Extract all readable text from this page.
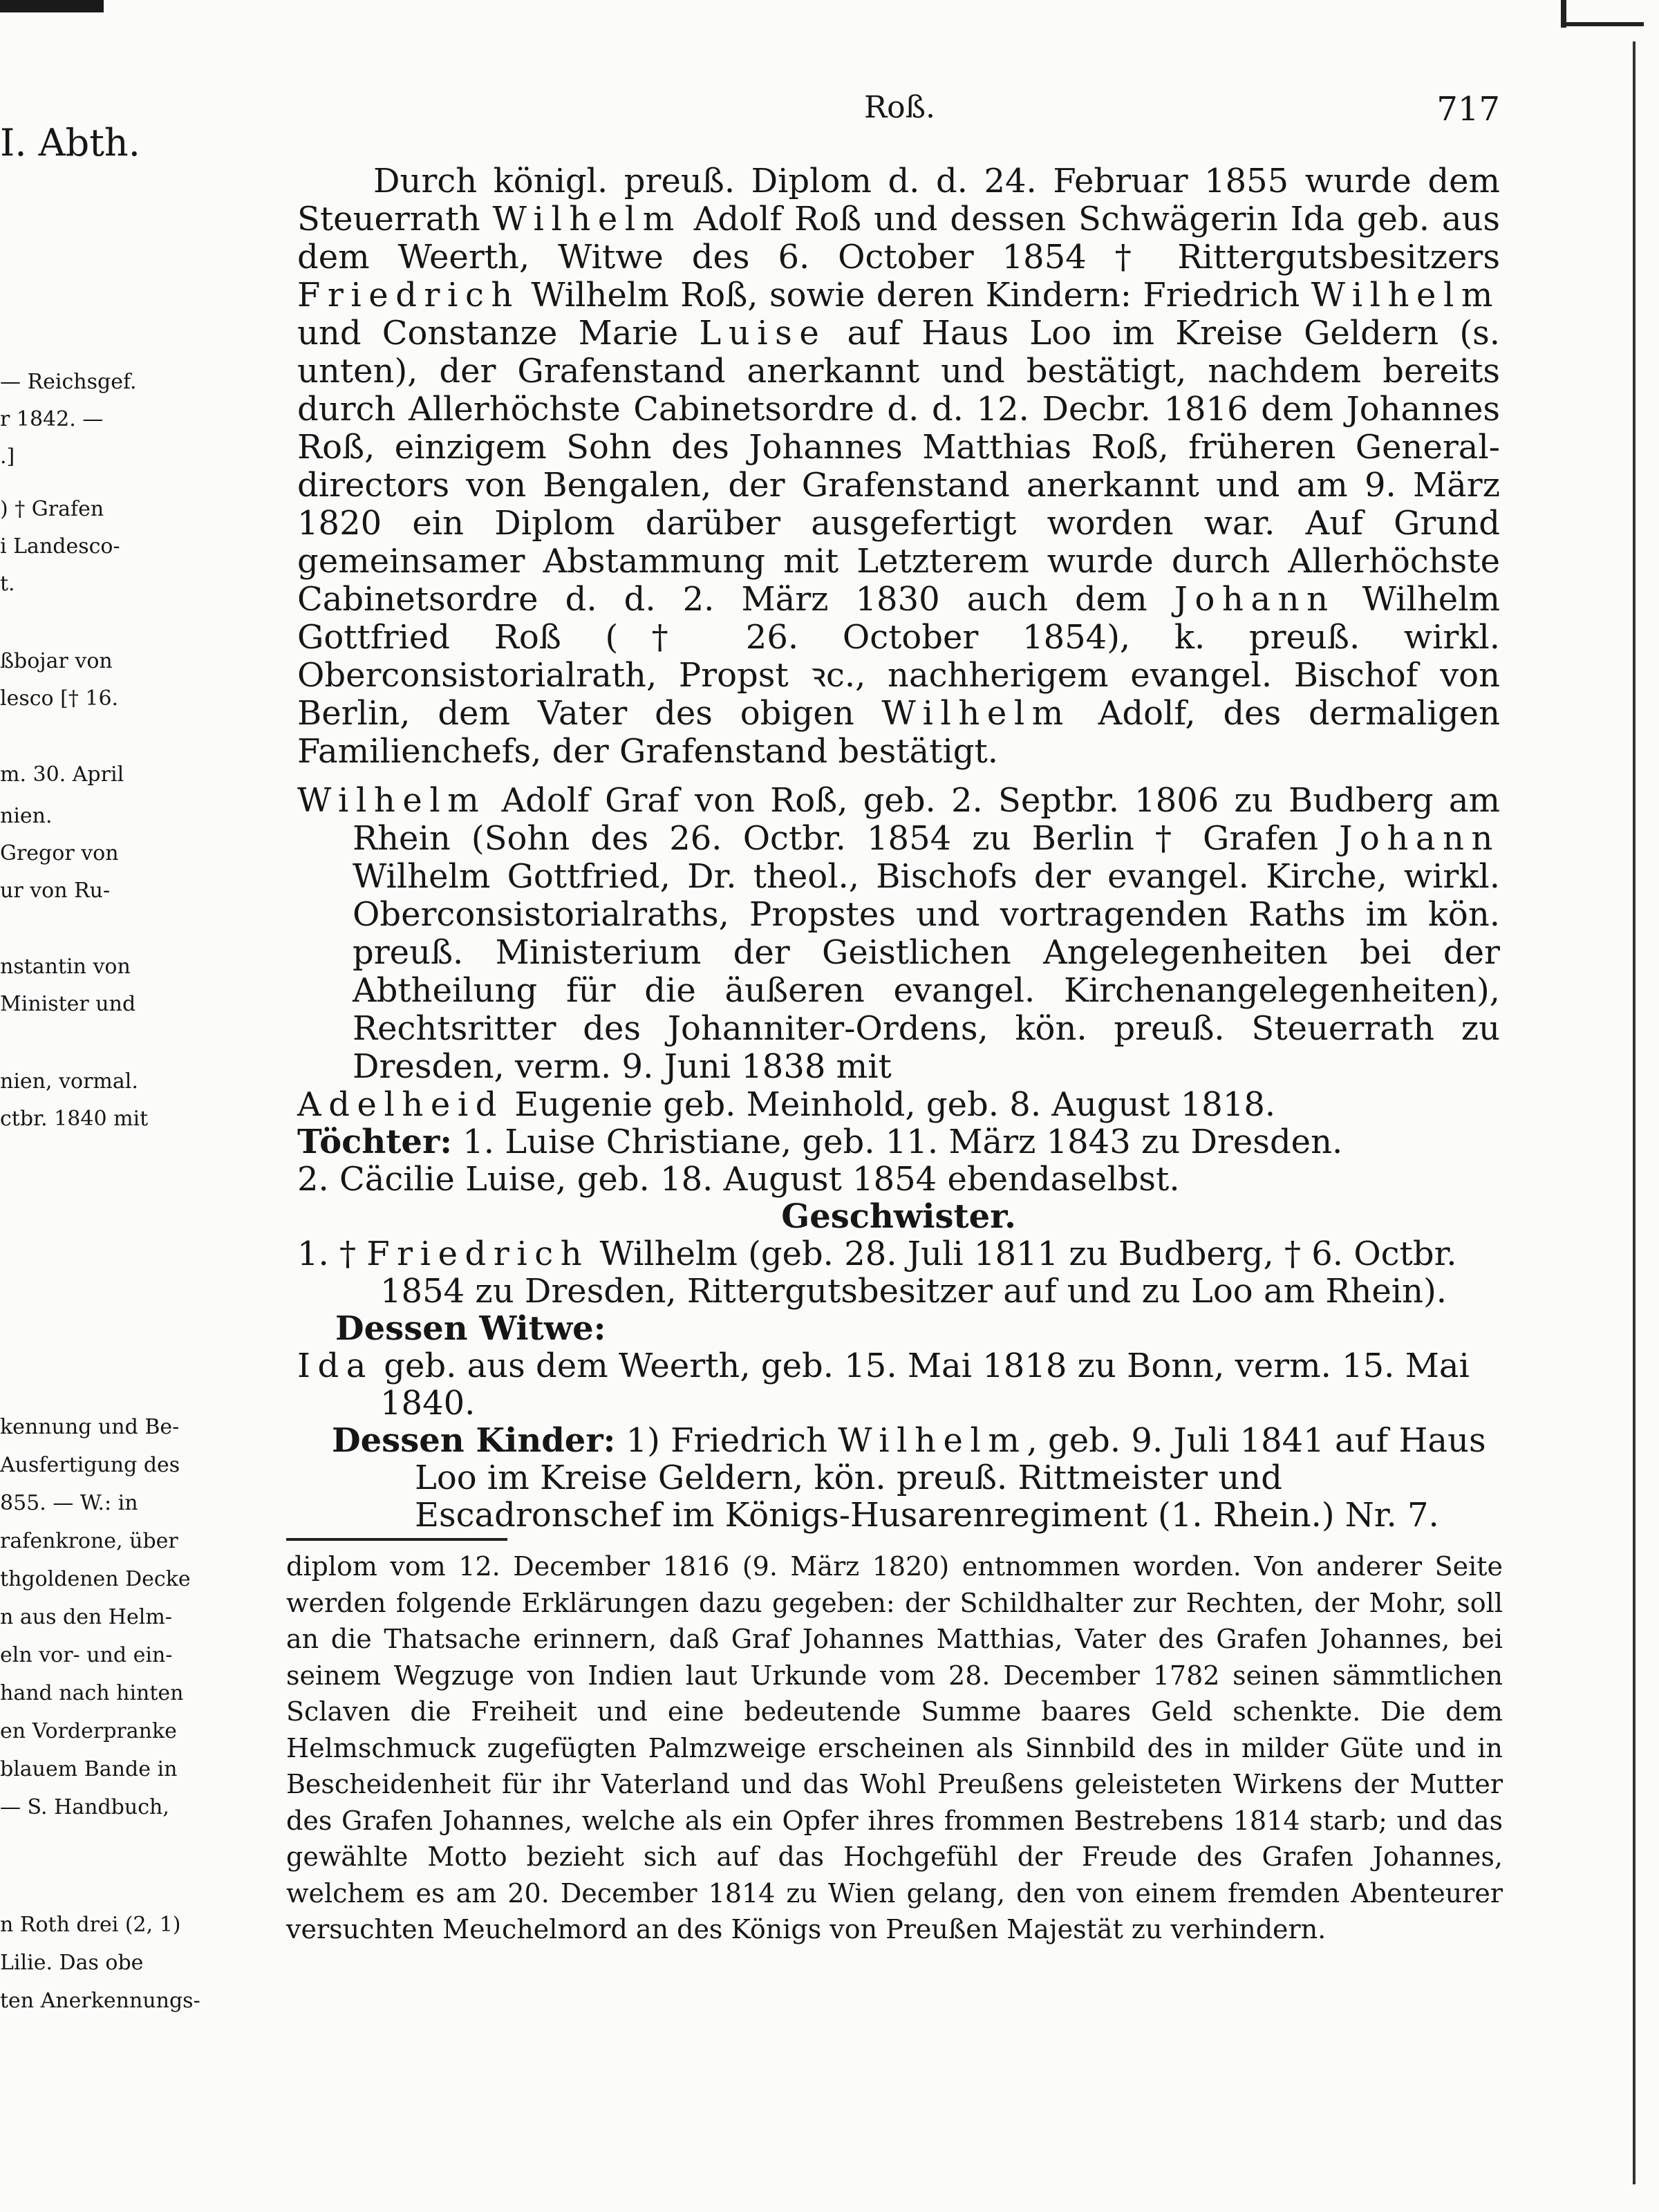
I. Abth.
— Reichsgef.
r 1842. —
.]
) † Grafen
i Landesco-
t.
ßbojar von
lesco [† 16.
m. 30. April
nien.
Gregor von
ur von Ru-
nstantin von
Minister und
nien, vormal.
ctbr. 1840 mit
kennung und Be-
Ausfertigung des
855. — W.: in
rafenkrone, über
thgoldenen Decke
n aus den Helm-
eln vor- und ein-
hand nach hinten
en Vorderpranke
blauem Bande in
— S. Handbuch,
n Roth drei (2, 1)
Lilie. Das obe
ten Anerkennungs-
Roß.	717

Durch königl. preuß. Diplom d. d. 24. Februar 1855 wurde dem Steuerrath Wilhelm Adolf Roß und dessen Schwägerin Ida geb. aus dem Weerth, Witwe des 6. October 1854 † Rittergutsbesitzers Friedrich Wilhelm Roß, sowie deren Kindern: Friedrich Wilhelm und Constanze Marie Luise auf Haus Loo im Kreise Geldern (s. unten), der Grafenstand anerkannt und bestätigt, nachdem bereits durch Allerhöchste Cabinetsordre d. d. 12. Decbr. 1816 dem Johannes Roß, einzigem Sohn des Johannes Matthias Roß, früheren General-directors von Bengalen, der Grafenstand anerkannt und am 9. März 1820 ein Diplom darüber ausgefertigt worden war. Auf Grund gemeinsamer Abstammung mit Letzterem wurde durch Allerhöchste Cabinetsordre d. d. 2. März 1830 auch dem Johann Wilhelm Gottfried Roß († 26. October 1854), k. preuß. wirkl. Oberconsistorialrath, Propst ꝛc., nachherigem evangel. Bischof von Berlin, dem Vater des obigen Wilhelm Adolf, des dermaligen Familienchefs, der Grafenstand bestätigt.

Wilhelm Adolf Graf von Roß, geb. 2. Septbr. 1806 zu Budberg am Rhein (Sohn des 26. Octbr. 1854 zu Berlin † Grafen Johann Wilhelm Gottfried, Dr. theol., Bischofs der evangel. Kirche, wirkl. Oberconsistorialraths, Propstes und vortragenden Raths im kön. preuß. Ministerium der Geistlichen Angelegenheiten bei der Abtheilung für die äußeren evangel. Kirchenangelegenheiten), Rechtsritter des Johanniter-Ordens, kön. preuß. Steuerrath zu Dresden, verm. 9. Juni 1838 mit

Adelheid Eugenie geb. Meinhold, geb. 8. August 1818.

Töchter: 1. Luise Christiane, geb. 11. März 1843 zu Dresden.

2. Cäcilie Luise, geb. 18. August 1854 ebendaselbst.

Geschwister.

1. † Friedrich Wilhelm (geb. 28. Juli 1811 zu Budberg, † 6. Octbr. 1854 zu Dresden, Rittergutsbesitzer auf und zu Loo am Rhein).

Dessen Witwe:

Ida geb. aus dem Weerth, geb. 15. Mai 1818 zu Bonn, verm. 15. Mai 1840.

Dessen Kinder: 1) Friedrich Wilhelm, geb. 9. Juli 1841 auf Haus Loo im Kreise Geldern, kön. preuß. Rittmeister und Escadronschef im Königs-Husarenregiment (1. Rhein.) Nr. 7.

diplom vom 12. December 1816 (9. März 1820) entnommen worden. Von anderer Seite werden folgende Erklärungen dazu gegeben: der Schildhalter zur Rechten, der Mohr, soll an die Thatsache erinnern, daß Graf Johannes Matthias, Vater des Grafen Johannes, bei seinem Wegzuge von Indien laut Urkunde vom 28. December 1782 seinen sämmtlichen Sclaven die Freiheit und eine bedeutende Summe baares Geld schenkte. Die dem Helmschmuck zugefügten Palmzweige erscheinen als Sinnbild des in milder Güte und in Bescheidenheit für ihr Vaterland und das Wohl Preußens geleisteten Wirkens der Mutter des Grafen Johannes, welche als ein Opfer ihres frommen Bestrebens 1814 starb; und das gewählte Motto bezieht sich auf das Hochgefühl der Freude des Grafen Johannes, welchem es am 20. December 1814 zu Wien gelang, den von einem fremden Abenteurer versuchten Meuchelmord an des Königs von Preußen Majestät zu verhindern.
